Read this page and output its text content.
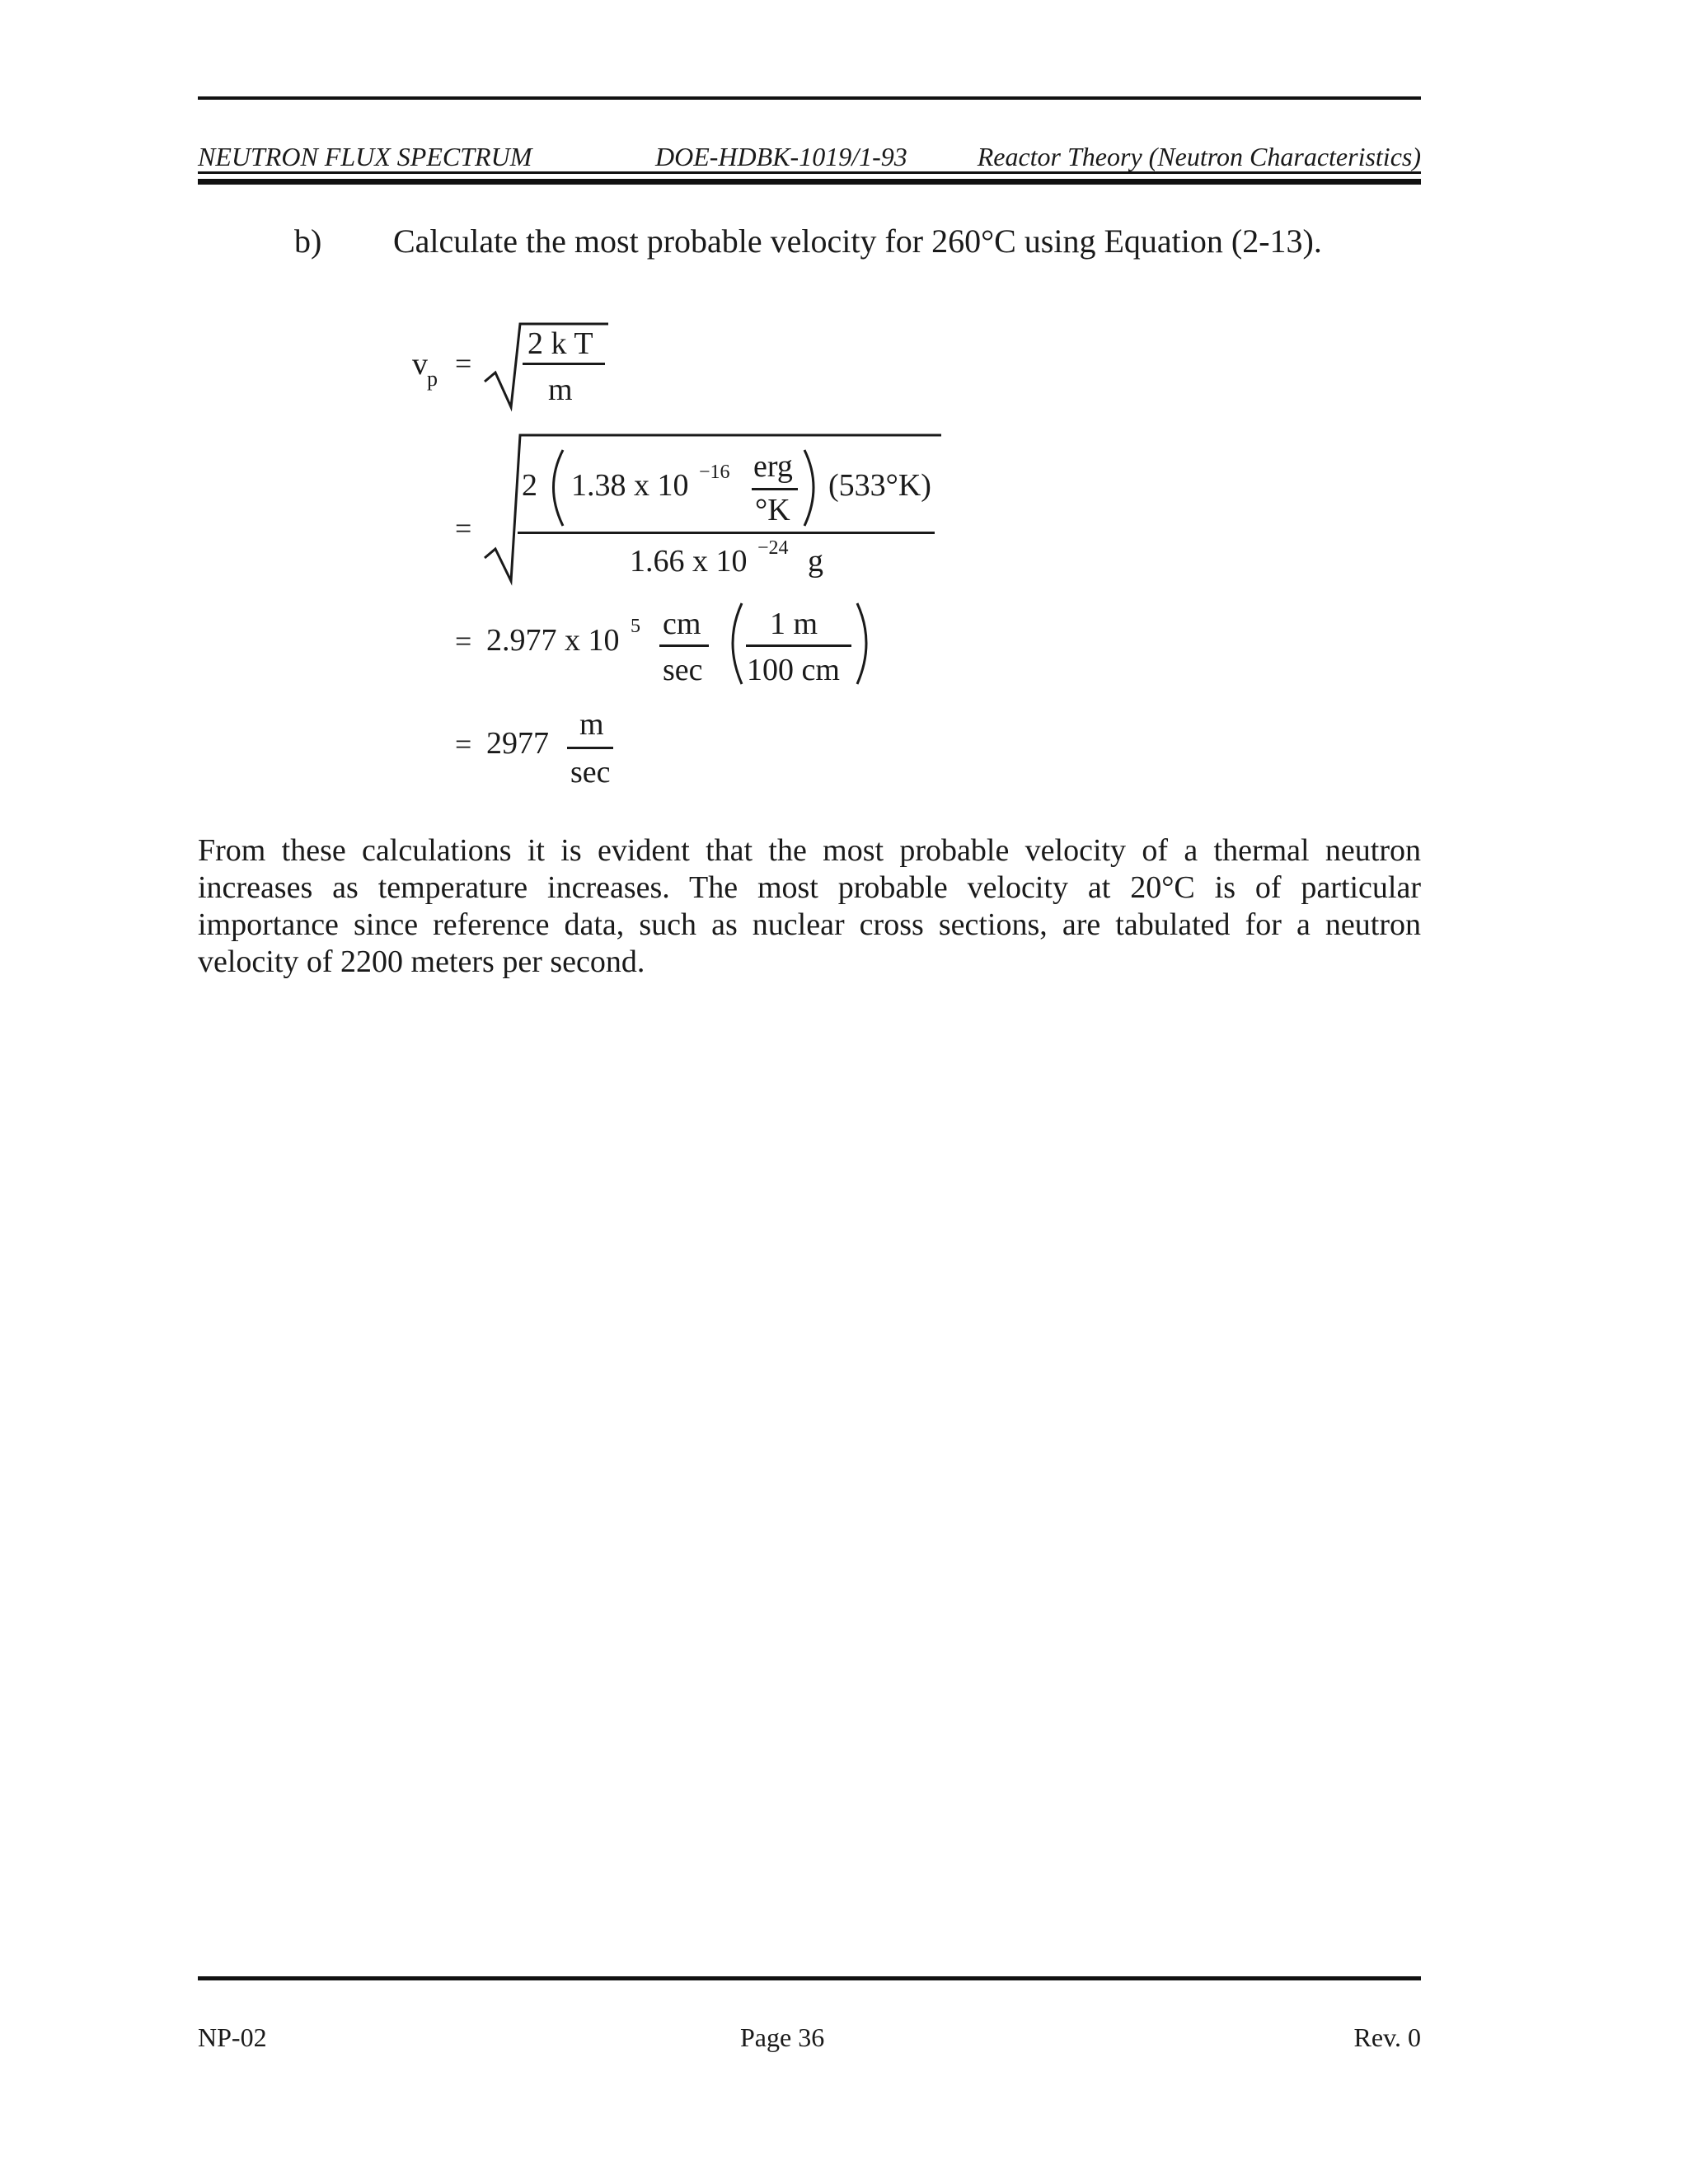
NEUTRON FLUX SPECTRUM	DOE-HDBK-1019/1-93	Reactor Theory (Neutron Characteristics)
b) Calculate the most probable velocity for 260°C using Equation (2-13).
v p =
2 k T
m
=
2 1.38 x 10 −16 erg
°K
(533°K)
1.66 x 10 −24 g
= 2.977 x 10 5 cm
sec
1 m
100 cm
= 2977
m
sec

From these calculations it is evident that the most probable velocity of a thermal neutron increases as temperature increases. The most probable velocity at 20°C is of particular importance since reference data, such as nuclear cross sections, are tabulated for a neutron velocity of 2200 meters per second.

NP-02	Page 36	Rev. 0
